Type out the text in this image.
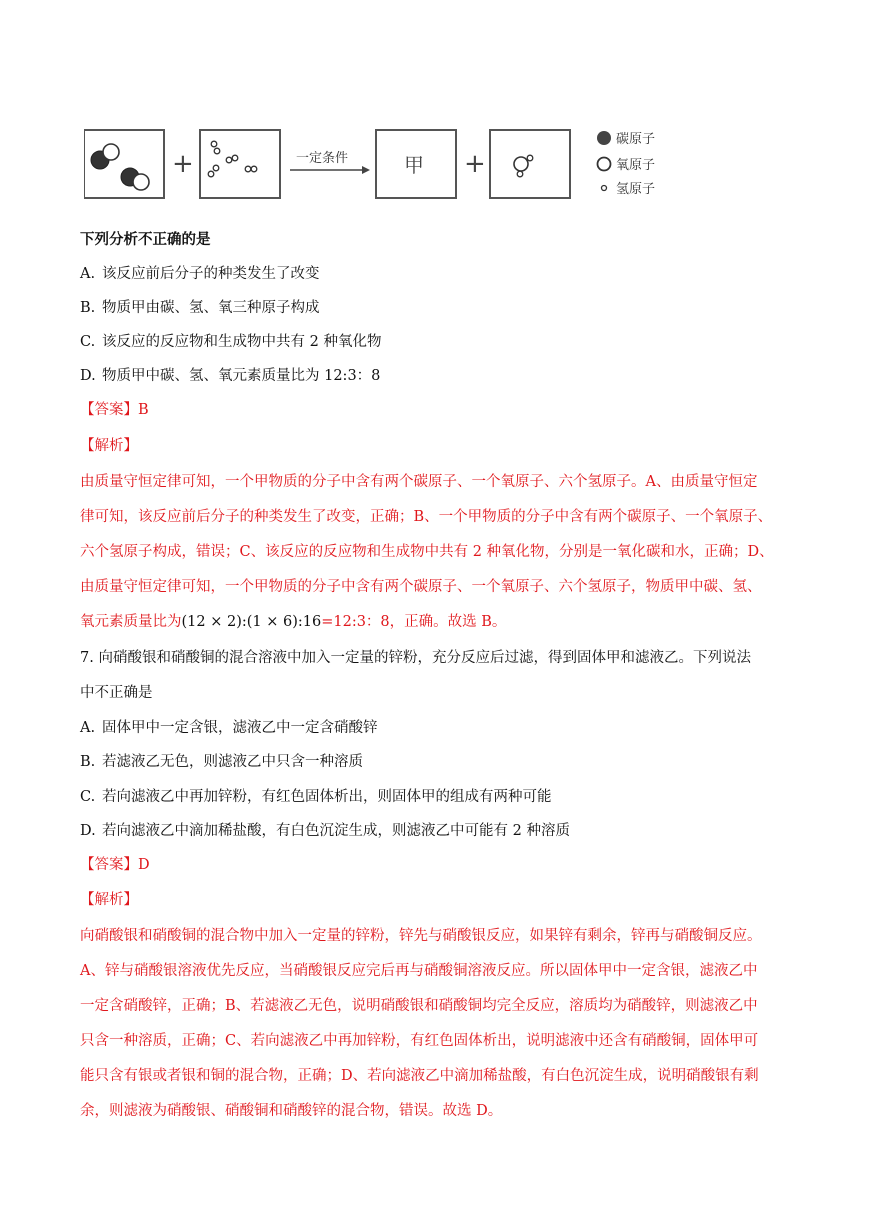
+	一定条件	甲 +
碳原子
氧原子
氢原子
下列分析不正确的是
A. 该反应前后分子的种类发生了改变
B. 物质甲由碳、氢、氧三种原子构成
C. 该反应的反应物和生成物中共有 2 种氧化物
D. 物质甲中碳、氢、氧元素质量比为 12:3：8
【答案】B
【解析】
由质量守恒定律可知，一个甲物质的分子中含有两个碳原子、一个氧原子、六个氢原子。A、由质量守恒定
律可知，该反应前后分子的种类发生了改变，正确；B、一个甲物质的分子中含有两个碳原子、一个氧原子、
六个氢原子构成，错误；C、该反应的反应物和生成物中共有 2 种氧化物，分别是一氧化碳和水，正确；D、
由质量守恒定律可知，一个甲物质的分子中含有两个碳原子、一个氧原子、六个氢原子，物质甲中碳、氢、
氧元素质量比为(12 × 2):(1 × 6):16=12:3：8，正确。故选 B。
7. 向硝酸银和硝酸铜的混合溶液中加入一定量的锌粉，充分反应后过滤，得到固体甲和滤液乙。下列说法
中不正确是
A. 固体甲中一定含银，滤液乙中一定含硝酸锌
B. 若滤液乙无色，则滤液乙中只含一种溶质
C. 若向滤液乙中再加锌粉，有红色固体析出，则固体甲的组成有两种可能
D. 若向滤液乙中滴加稀盐酸，有白色沉淀生成，则滤液乙中可能有 2 种溶质
【答案】D
【解析】
向硝酸银和硝酸铜的混合物中加入一定量的锌粉，锌先与硝酸银反应，如果锌有剩余，锌再与硝酸铜反应。
A、锌与硝酸银溶液优先反应，当硝酸银反应完后再与硝酸铜溶液反应。所以固体甲中一定含银，滤液乙中
一定含硝酸锌，正确；B、若滤液乙无色，说明硝酸银和硝酸铜均完全反应，溶质均为硝酸锌，则滤液乙中
只含一种溶质，正确；C、若向滤液乙中再加锌粉，有红色固体析出，说明滤液中还含有硝酸铜，固体甲可
能只含有银或者银和铜的混合物，正确；D、若向滤液乙中滴加稀盐酸，有白色沉淀生成，说明硝酸银有剩
余，则滤液为硝酸银、硝酸铜和硝酸锌的混合物，错误。故选 D。
